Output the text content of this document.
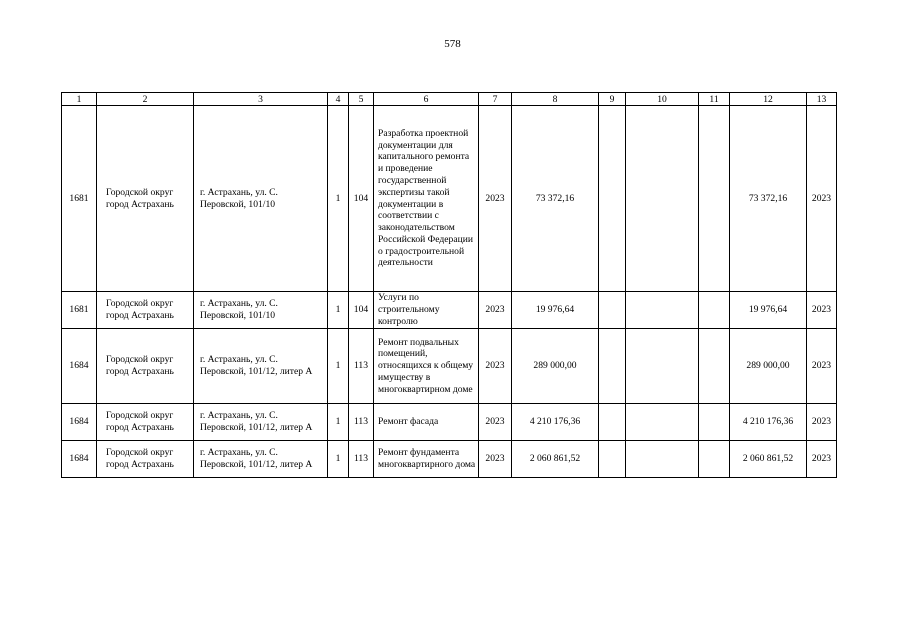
578
1	2	3	4	5	6	7	8	9	10	11	12	13
1681	Городской округ город Астрахань	г. Астрахань, ул. С. Перовской, 101/10	1	104	Разработка проектной документации для капитального ремонта и проведение государственной экспертизы такой документации в соответствии с законодательством Российской Федерации о градостроительной деятельности	2023	73 372,16				73 372,16	2023
1681	Городской округ город Астрахань	г. Астрахань, ул. С. Перовской, 101/10	1	104	Услуги по строительному контролю	2023	19 976,64				19 976,64	2023
1684	Городской округ город Астрахань	г. Астрахань, ул. С. Перовской, 101/12, литер А	1	113	Ремонт подвальных помещений, относящихся к общему имуществу в многоквартирном доме	2023	289 000,00				289 000,00	2023
1684	Городской округ город Астрахань	г. Астрахань, ул. С. Перовской, 101/12, литер А	1	113	Ремонт фасада	2023	4 210 176,36				4 210 176,36	2023
1684	Городской округ город Астрахань	г. Астрахань, ул. С. Перовской, 101/12, литер А	1	113	Ремонт фундамента многоквартирного дома	2023	2 060 861,52				2 060 861,52	2023
